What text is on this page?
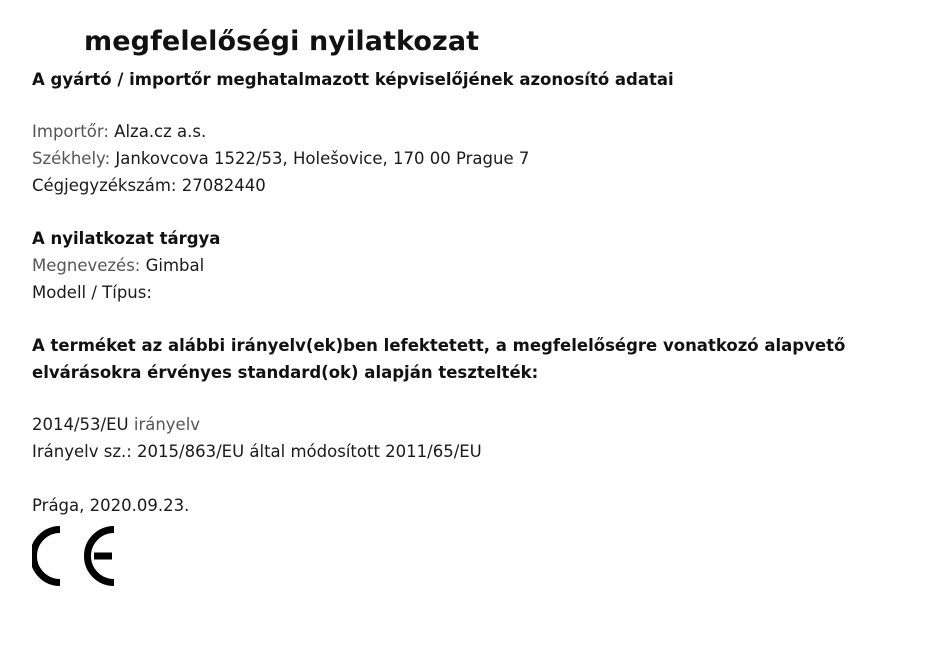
megfelelőségi nyilatkozat
A gyártó / importőr meghatalmazott képviselőjének azonosító adatai
Importőr: Alza.cz a.s.
Székhely: Jankovcova 1522/53, Holešovice, 170 00 Prague 7
Cégjegyzékszám: 27082440
A nyilatkozat tárgya
Megnevezés: Gimbal
Modell / Típus:
A terméket az alábbi irányelv(ek)ben lefektetett, a megfelelőségre vonatkozó alapvető
elvárásokra érvényes standard(ok) alapján tesztelték:
2014/53/EU irányelv
Irányelv sz.: 2015/863/EU által módosított 2011/65/EU
Prága, 2020.09.23.
